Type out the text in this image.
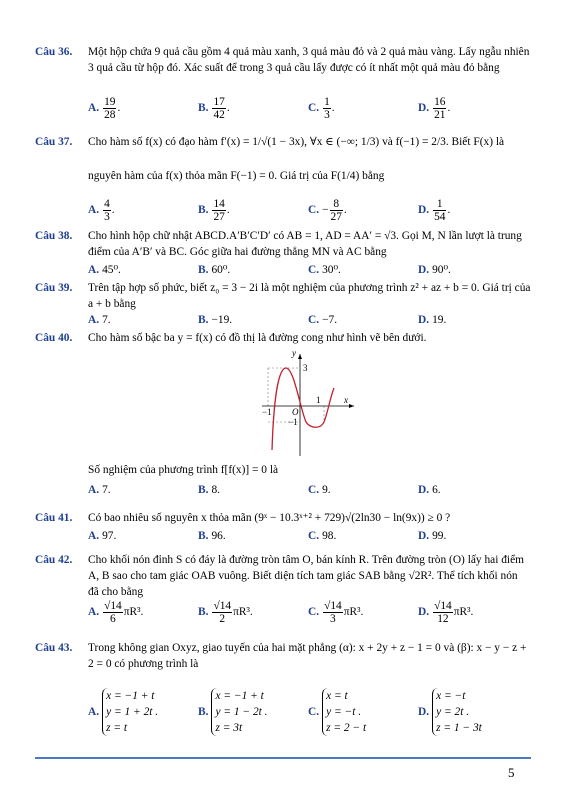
Câu 36. Một hộp chứa 9 quả cầu gồm 4 quả màu xanh, 3 quả màu đỏ và 2 quả màu vàng. Lấy ngẫu nhiên 3 quả cầu từ hộp đó. Xác suất để trong 3 quả cầu lấy được có ít nhất một quả màu đỏ bằng
A. $\frac{19}{28}$ .	B. $\frac{17}{42}$ .	C. $\frac{1}{3}$ .	D. $\frac{16}{21}$ .
Câu 37. Cho hàm số f(x) có đạo hàm f′(x) = 1/√(1 − 3x), ∀x ∈ (−∞; 1/3) và f(−1) = 2/3. Biết F(x) là
nguyên hàm của f(x) thỏa mãn F(−1) = 0. Giá trị của F(1/4) bằng
A. $\frac{4}{3}$ .	B. $\frac{14}{27}$ .	C. − $\frac{8}{27}$ .	D. $\frac{1}{54}$ .
Câu 38. Cho hình hộp chữ nhật ABCD.A′B′C′D′ có AB = 1, AD = AA′ = √3. Gọi M, N lần lượt là trung điểm của A′B′ và BC. Góc giữa hai đường thẳng MN và AC bằng
A. 45⁰.	B. 60⁰.	C. 30⁰.	D. 90⁰.
Câu 39. Trên tập hợp số phức, biết z₀ = 3 − 2i là một nghiệm của phương trình z² + az + b = 0. Giá trị của a + b bằng
A. 7.	B. −19.	C. −7.	D. 19.
Câu 40. Cho hàm số bậc ba y = f(x) có đồ thị là đường cong như hình vẽ bên dưới.
y
x
O
3
−1
−1
1
Số nghiệm của phương trình f[f(x)] = 0 là
A. 7.	B. 8.	C. 9.	D. 6.
Câu 41. Có bao nhiêu số nguyên x thỏa mãn (9ˣ − 10.3ˣ⁺² + 729)√(2ln30 − ln(9x)) ≥ 0 ?
A. 97.	B. 96.	C. 98.	D. 99.
Câu 42. Cho khối nón đỉnh S có đáy là đường tròn tâm O, bán kính R. Trên đường tròn (O) lấy hai điểm A, B sao cho tam giác OAB vuông. Biết diện tích tam giác SAB bằng √2R². Thể tích khối nón đã cho bằng
A. $\frac{√14}{6} \pi R^3$.	B. $\frac{√14}{2} \pi R^3$.	C. $\frac{√14}{3} \pi R^3$.	D. $\frac{√14}{12} \pi R^3$.
Câu 43. Trong không gian Oxyz, giao tuyến của hai mặt phẳng (α): x + 2y + z − 1 = 0 và (β): x − y − z + 2 = 0 có phương trình là
A.
x = −1 + t
y = 1 + 2t .
z = t
B.
x = −1 + t
y = 1 − 2t .
z = 3t
C.
x = t
y = −t .
z = 2 − t
D.
x = −t
y = 2t .
z = 1 − 3t
5
